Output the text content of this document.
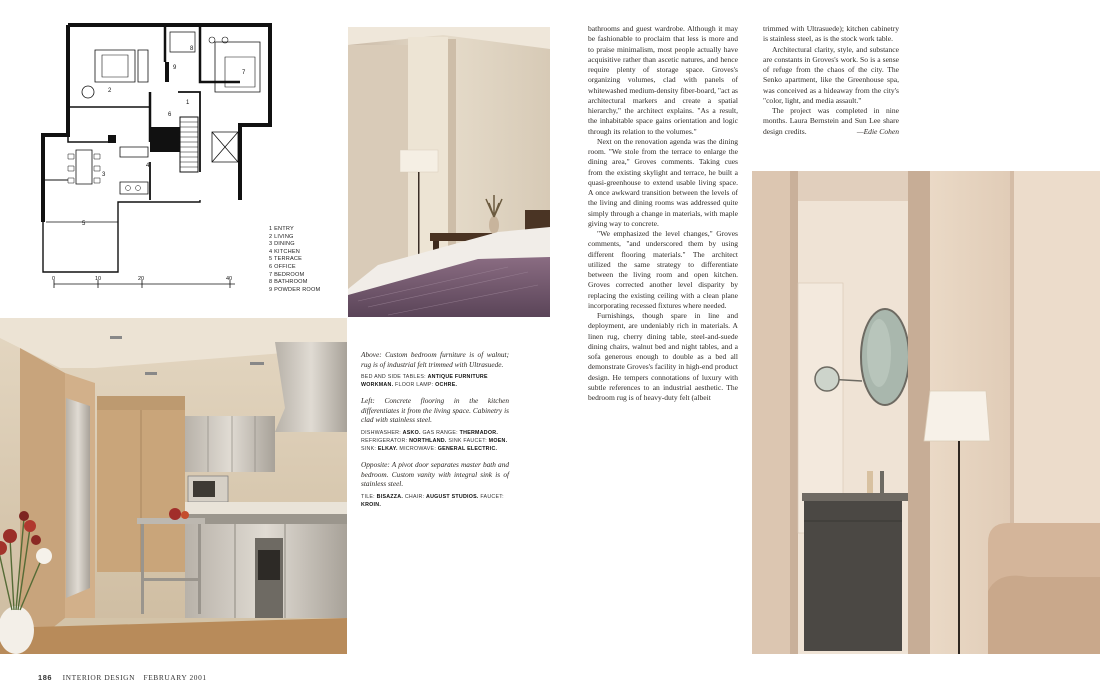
1
2
3
4
5
6
7
8
9
0	10	20	40
1 ENTRY
2 LIVING
3 DINING
4 KITCHEN
5 TERRACE
6 OFFICE
7 BEDROOM
8 BATHROOM
9 POWDER ROOM

Above: Custom bedroom furniture is of walnut; rug is of industrial felt trimmed with Ultrasuede.

BED AND SIDE TABLES: ANTIQUE FURNITURE WORKMAN. FLOOR LAMP: OCHRE.

Left: Concrete flooring in the kitchen differentiates it from the living space. Cabinetry is clad with stainless steel.

DISHWASHER: ASKO. GAS RANGE: THERMADOR. REFRIGERATOR: NORTHLAND. SINK FAUCET: MOEN. SINK: ELKAY. MICROWAVE: GENERAL ELECTRIC.

Opposite: A pivot door separates master bath and bedroom. Custom vanity with integral sink is of stainless steel.

TILE: BISAZZA. CHAIR: AUGUST STUDIOS. FAUCET: KROIN.

bathrooms and guest wardrobe. Although it may be fashionable to proclaim that less is more and to praise minimalism, most people actually have acquisitive rather than ascetic natures, and hence require plenty of storage space. Groves's organizing volumes, clad with panels of whitewashed medium-density fiber-board, "act as architectural markers and create a spatial hierarchy," the architect explains. "As a result, the inhabitable space gains orientation and logic through its relation to the volumes."

Next on the renovation agenda was the dining room. "We stole from the terrace to enlarge the dining area," Groves comments. Taking cues from the existing skylight and terrace, he built a quasi-greenhouse to extend usable living space. A once awkward transition between the levels of the living and dining rooms was addressed quite simply through a change in materials, with maple giving way to concrete.

"We emphasized the level changes," Groves comments, "and underscored them by using different flooring materials." The architect utilized the same strategy to differentiate between the living room and open kitchen. Groves corrected another level disparity by replacing the existing ceiling with a clean plane incorporating recessed fixtures where needed.

Furnishings, though spare in line and deployment, are undeniably rich in materials. A linen rug, cherry dining table, steel-and-suede dining chairs, walnut bed and night tables, and a sofa generous enough to double as a bed all demonstrate Groves's facility in high-end product design. He tempers connotations of luxury with subtle references to an industrial aesthetic. The bedroom rug is of heavy-duty felt (albeit

trimmed with Ultrasuede); kitchen cabinetry is stainless steel, as is the stock work table.

Architectural clarity, style, and substance are constants in Groves's work. So is a sense of refuge from the chaos of the city. The Senko apartment, like the Greenhouse spa, was conceived as a hideaway from the city's "color, light, and media assault."

The project was completed in nine months. Laura Bernstein and Sun Lee share design credits.	—Edie Cohen

186 INTERIOR DESIGN FEBRUARY 2001
